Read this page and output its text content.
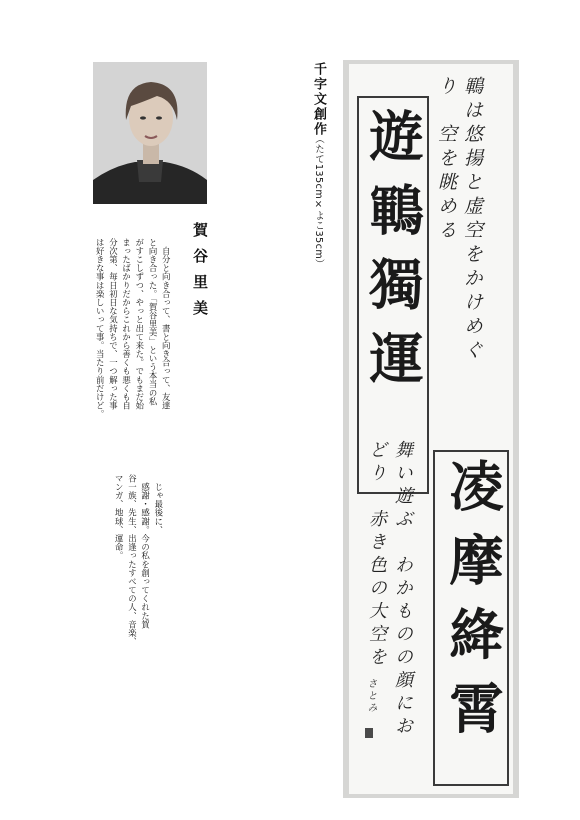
賀谷里美

　自分と向き合って、書と向き合って、友達

と向き合った。「賀谷里美」という本当の私

がすこしずつ、やっと出て来た。でもまだ始

まったばかりだからこれから善くも悪くも自

分次第、毎日初日な気持ちで、一つ解った事

は好きな事は楽しいって事。当たり前だけど。

　じゃ最後に、

　感謝・感謝。今の私を創ってくれた賀

谷一族、先生、出逢ったすべての人、音楽、

マンガ、地球、運命。

千字文創作
（たて135cm×よこ35cm） 遊鶤獨運
凌摩絳霄
鶤は悠揚と虚空をかけめぐり　空を眺める
舞い遊ぶ　わかものの顔におどり　赤き色の大空を
さとみ
